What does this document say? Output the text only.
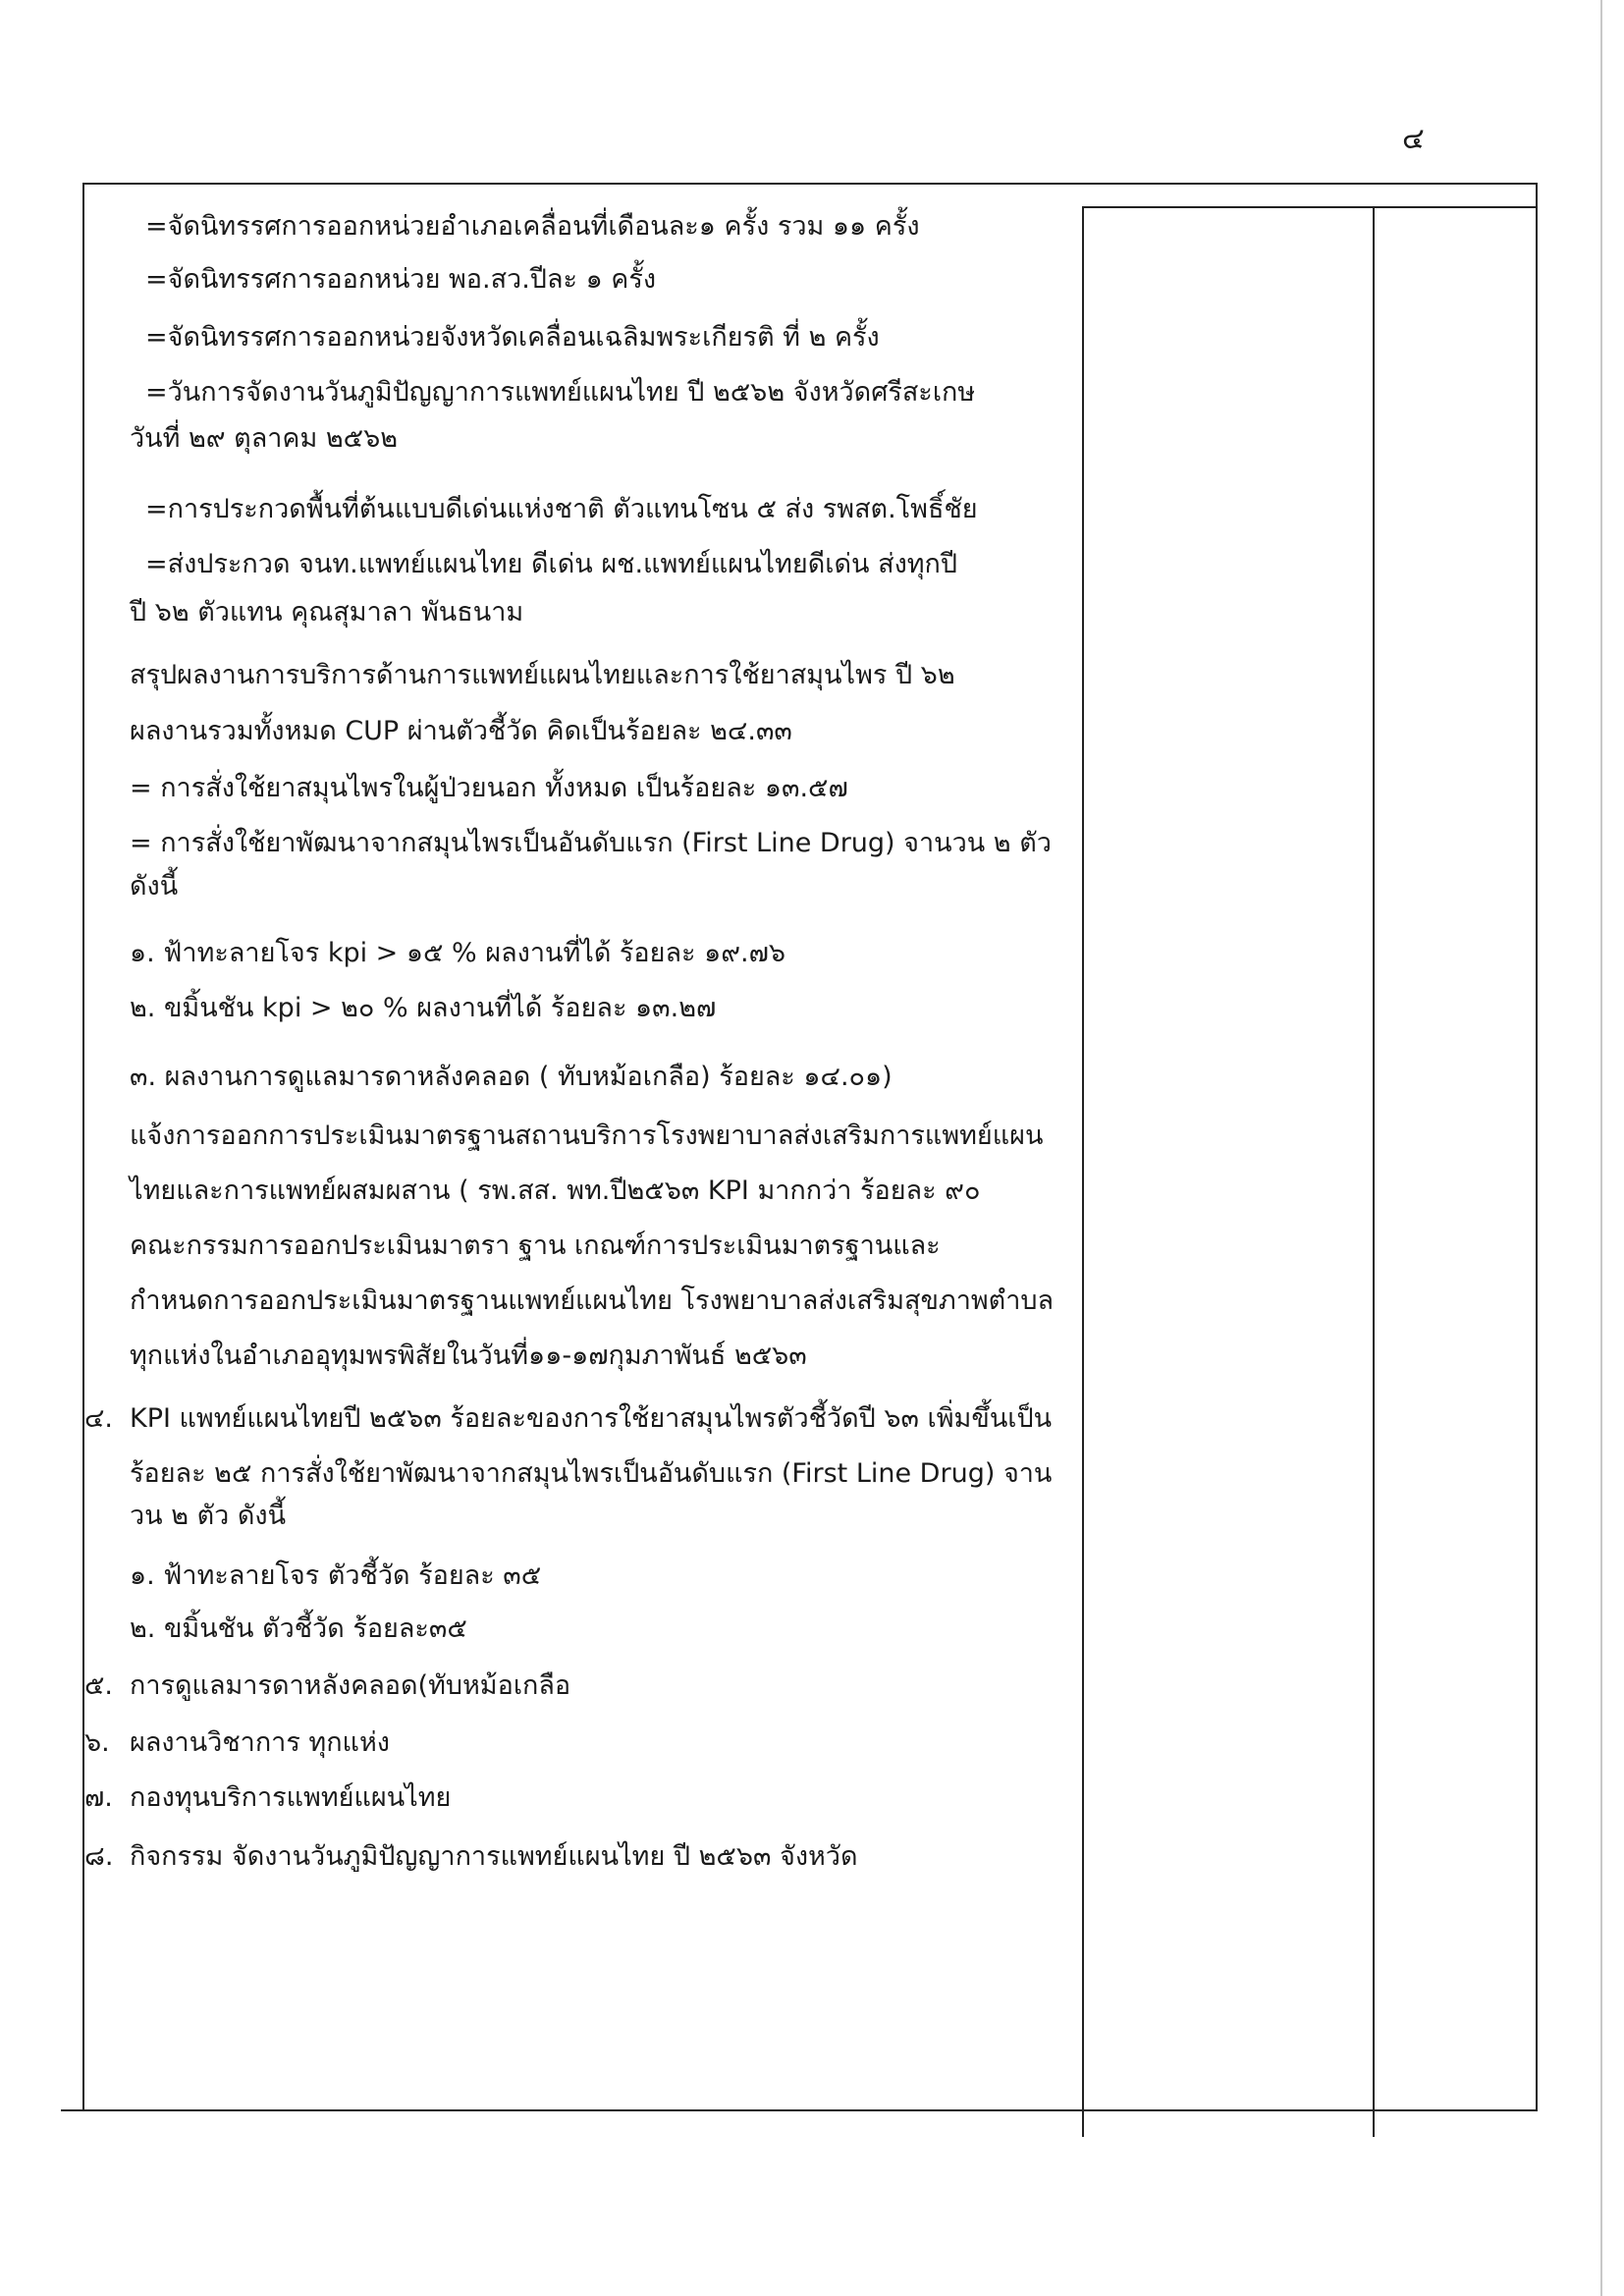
๔
=จัดนิทรรศการออกหน่วยอำเภอเคลื่อนที่เดือนละ๑ ครั้ง รวม ๑๑ ครั้ง
=จัดนิทรรศการออกหน่วย พอ.สว.ปีละ ๑ ครั้ง
=จัดนิทรรศการออกหน่วยจังหวัดเคลื่อนเฉลิมพระเกียรติ ที่ ๒ ครั้ง
=วันการจัดงานวันภูมิปัญญาการแพทย์แผนไทย ปี ๒๕๖๒ จังหวัดศรีสะเกษ
วันที่ ๒๙ ตุลาคม ๒๕๖๒
=การประกวดพื้นที่ต้นแบบดีเด่นแห่งชาติ ตัวแทนโซน ๕ ส่ง รพสต.โพธิ์ชัย
=ส่งประกวด จนท.แพทย์แผนไทย ดีเด่น ผช.แพทย์แผนไทยดีเด่น ส่งทุกปี
ปี ๖๒ ตัวแทน คุณสุมาลา พันธนาม
สรุปผลงานการบริการด้านการแพทย์แผนไทยและการใช้ยาสมุนไพร ปี ๖๒
ผลงานรวมทั้งหมด CUP ผ่านตัวชี้วัด คิดเป็นร้อยละ ๒๔.๓๓
= การสั่งใช้ยาสมุนไพรในผู้ป่วยนอก ทั้งหมด เป็นร้อยละ ๑๓.๕๗
= การสั่งใช้ยาพัฒนาจากสมุนไพรเป็นอันดับแรก (First Line Drug) จานวน ๒ ตัว
ดังนี้
๑. ฟ้าทะลายโจร kpi > ๑๕ % ผลงานที่ได้ ร้อยละ ๑๙.๗๖
๒. ขมิ้นชัน kpi > ๒๐ % ผลงานที่ได้ ร้อยละ ๑๓.๒๗
๓. ผลงานการดูแลมารดาหลังคลอด ( ทับหม้อเกลือ) ร้อยละ ๑๔.๐๑)
แจ้งการออกการประเมินมาตรฐานสถานบริการโรงพยาบาลส่งเสริมการแพทย์แผน
ไทยและการแพทย์ผสมผสาน ( รพ.สส. พท.ปี๒๕๖๓ KPI มากกว่า ร้อยละ ๙๐
คณะกรรมการออกประเมินมาตรา ฐาน เกณฑ์การประเมินมาตรฐานและ
กำหนดการออกประเมินมาตรฐานแพทย์แผนไทย โรงพยาบาลส่งเสริมสุขภาพตำบล
ทุกแห่งในอำเภออุทุมพรพิสัยในวันที่๑๑-๑๗กุมภาพันธ์ ๒๕๖๓
๔. KPI แพทย์แผนไทยปี ๒๕๖๓ ร้อยละของการใช้ยาสมุนไพรตัวชี้วัดปี ๖๓ เพิ่มขึ้นเป็น
ร้อยละ ๒๕ การสั่งใช้ยาพัฒนาจากสมุนไพรเป็นอันดับแรก (First Line Drug) จาน
วน ๒ ตัว ดังนี้
๑. ฟ้าทะลายโจร ตัวชี้วัด ร้อยละ ๓๕
๒. ขมิ้นชัน ตัวชี้วัด ร้อยละ๓๕
๕. การดูแลมารดาหลังคลอด(ทับหม้อเกลือ
๖. ผลงานวิชาการ ทุกแห่ง
๗. กองทุนบริการแพทย์แผนไทย
๘. กิจกรรม จัดงานวันภูมิปัญญาการแพทย์แผนไทย ปี ๒๕๖๓ จังหวัด
